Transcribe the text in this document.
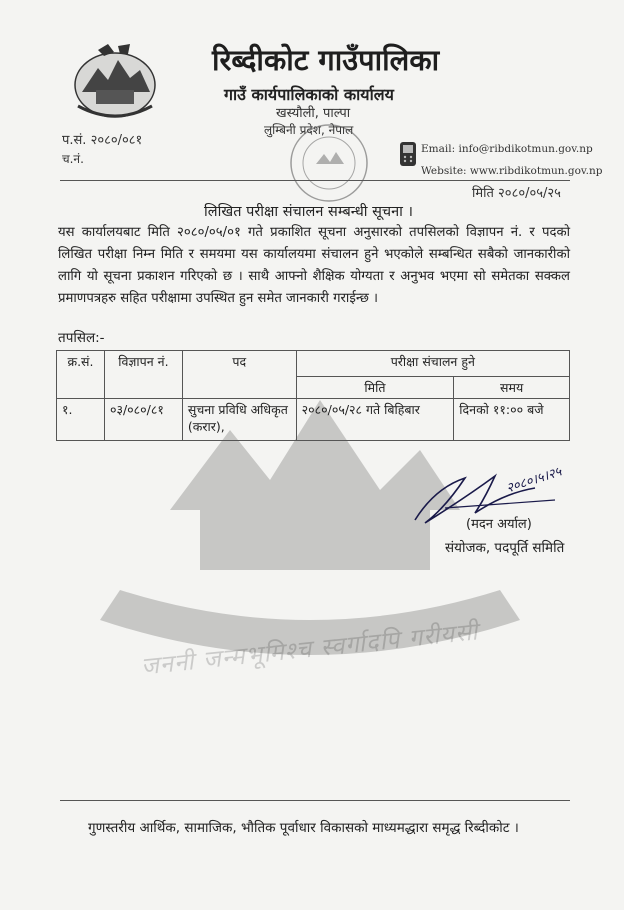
जननी जन्मभूमिश्च स्वर्गादपि गरीयसी
रिब्दीकोट गाउँपालिका
गाउँ कार्यपालिकाको कार्यालय
खस्यौली, पाल्पा
लुम्बिनी प्रदेश, नेपाल
प.सं. २०८०/०८१
च.नं.
Email: info@ribdikotmun.gov.np
Website: www.ribdikotmun.gov.np
मिति २०८०/०५/२५
लिखित परीक्षा संचालन सम्बन्धी सूचना ।
यस कार्यालयबाट मिति २०८०/०५/०१ गते प्रकाशित सूचना अनुसारको तपसिलको विज्ञापन नं. र पदको लिखित परीक्षा निम्न मिति र समयमा यस कार्यालयमा संचालन हुने भएकोले सम्बन्धित सबैको जानकारीको लागि यो सूचना प्रकाशन गरिएको छ । साथै आफ्नो शैक्षिक योग्यता र अनुभव भएमा सो समेतका सक्कल प्रमाणपत्रहरु सहित परीक्षामा उपस्थित हुन समेत जानकारी गराईन्छ ।
तपसिल:-
क्र.सं.	विज्ञापन नं.	पद	परीक्षा संचालन हुने	
			मिति	समय
१.	०३/०८०/८१	सुचना प्रविधि अधिकृत (करार),	२०८०/०५/२८ गते बिहिबार	दिनको ११:०० बजे
२०८०।५।२५
(मदन अर्याल)
संयोजक, पदपूर्ति समिति
गुणस्तरीय आर्थिक, सामाजिक, भौतिक पूर्वाधार विकासको माध्यमद्धारा समृद्ध रिब्दीकोट ।
